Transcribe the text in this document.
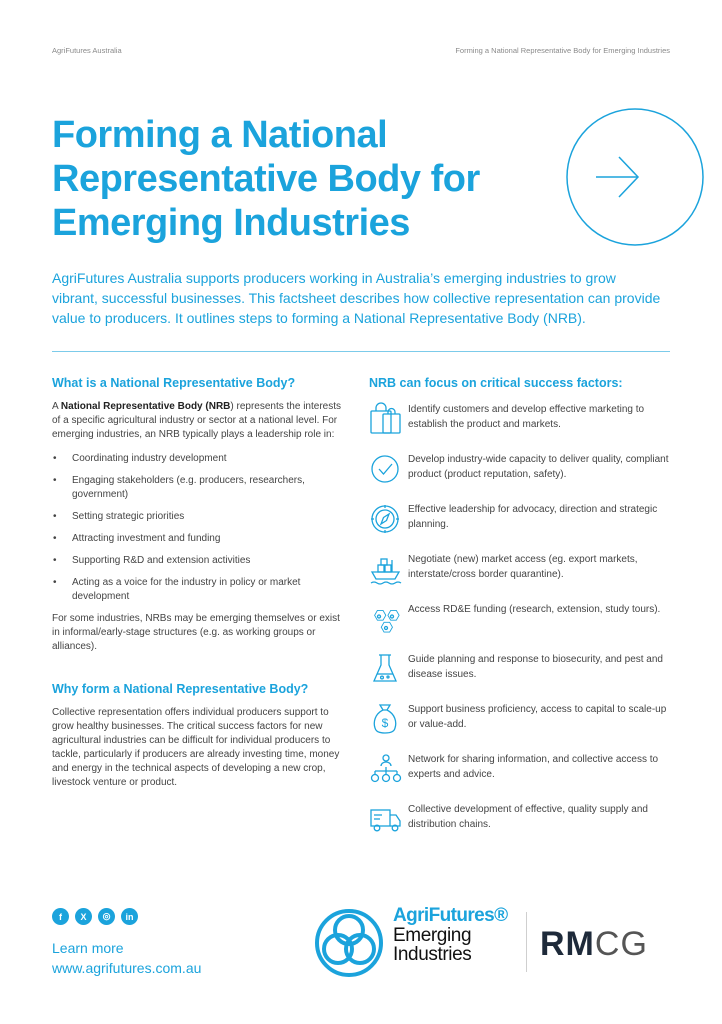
AgriFutures Australia	Forming a National Representative Body for Emerging Industries
Forming a National
Representative Body for
Emerging Industries

AgriFutures Australia supports producers working in Australia’s emerging industries to grow vibrant, successful businesses. This factsheet describes how collective representation can provide value to producers. It outlines steps to forming a National Representative Body (NRB).

What is a National Representative Body?

A National Representative Body (NRB) represents the interests of a specific agricultural industry or sector at a national level. For emerging industries, an NRB typically plays a leadership role in:

• Coordinating industry development
• Engaging stakeholders (e.g. producers, researchers, government)
• Setting strategic priorities
• Attracting investment and funding
• Supporting R&D and extension activities
• Acting as a voice for the industry in policy or market development

For some industries, NRBs may be emerging themselves or exist in informal/early-stage structures (e.g. as working groups or alliances).

Why form a National Representative Body?

Collective representation offers individual producers support to grow healthy businesses. The critical success factors for new agricultural industries can be difficult for individual producers to tackle, particularly if producers are already investing time, money and energy in the technical aspects of developing a new crop, livestock venture or product.

NRB can focus on critical success factors:
Identify customers and develop effective marketing to establish the product and markets.
Develop industry-wide capacity to deliver quality, compliant product (product reputation, safety).
Effective leadership for advocacy, direction and strategic planning.
Negotiate (new) market access (eg. export markets, interstate/cross border quarantine).
Access RD&E funding (research, extension, study tours).
Guide planning and response to biosecurity, and pest and disease issues.
$
Support business proficiency, access to capital to scale-up or value-add.
Network for sharing information, and collective access to experts and advice.
Collective development of effective, quality supply and distribution chains.
f	X	◎	in
Learn more
www.agrifutures.com.au
AgriFutures®
Emerging
Industries	RMCG
